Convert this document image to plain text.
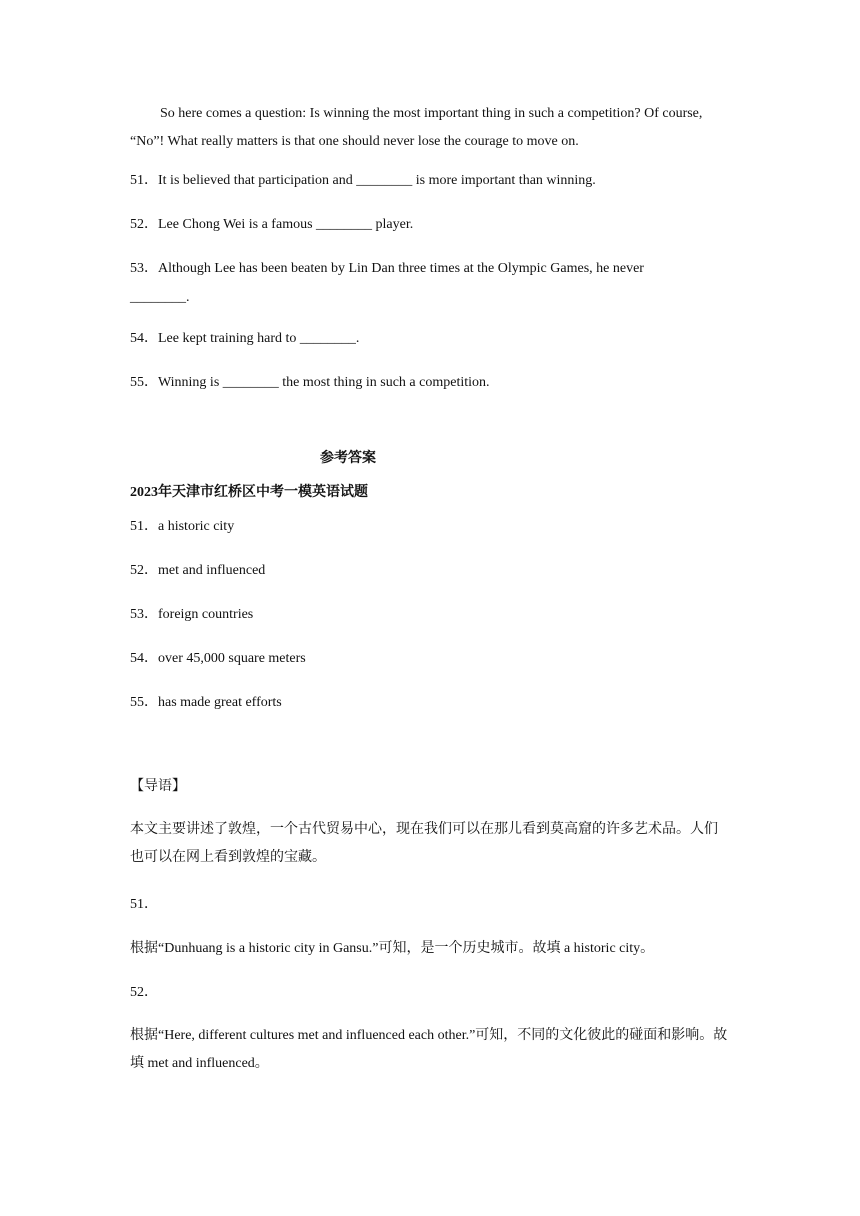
So here comes a question: Is winning the most important thing in such a competition? Of course, “No”! What really matters is that one should never lose the courage to move on.
51．It is believed that participation and ________ is more important than winning.
52．Lee Chong Wei is a famous ________ player.
53．Although Lee has been beaten by Lin Dan three times at the Olympic Games, he never
________.
54．Lee kept training hard to ________.
55．Winning is ________ the most thing in such a competition.
参考答案
2023年天津市红桥区中考一模英语试题
51．a historic city
52．met and influenced
53．foreign countries
54．over 45,000 square meters
55．has made great efforts
【导语】
本文主要讲述了敦煌，一个古代贸易中心，现在我们可以在那儿看到莫高窟的许多艺术品。人们也可以在网上看到敦煌的宝藏。
51．
根据“Dunhuang is a historic city in Gansu.”可知，是一个历史城市。故填 a historic city。
52．
根据“Here, different cultures met and influenced each other.”可知，不同的文化彼此的碰面和影响。故填 met and influenced。
